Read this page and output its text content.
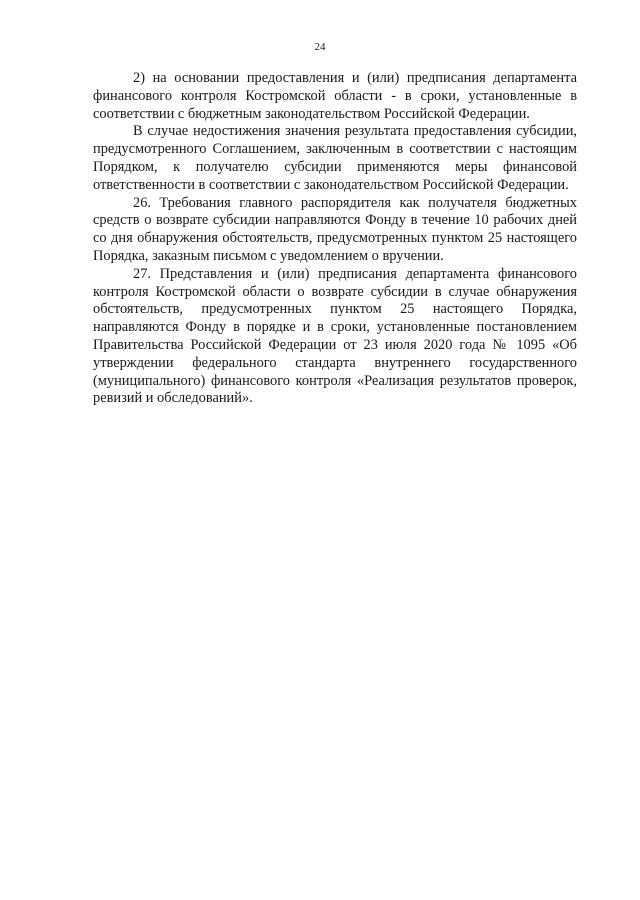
24

2) на основании предоставления и (или) предписания департамента финансового контроля Костромской области - в сроки, установленные в соответствии с бюджетным законодательством Российской Федерации.

В случае недостижения значения результата предоставления субсидии, предусмотренного Соглашением, заключенным в соответствии с настоящим Порядком, к получателю субсидии применяются меры финансовой ответственности в соответствии с законодательством Российской Федерации.

26. Требования главного распорядителя как получателя бюджетных средств о возврате субсидии направляются Фонду в течение 10 рабочих дней со дня обнаружения обстоятельств, предусмотренных пунктом 25 настоящего Порядка, заказным письмом с уведомлением о вручении.

27. Представления и (или) предписания департамента финансового контроля Костромской области о возврате субсидии в случае обнаружения обстоятельств, предусмотренных пунктом 25 настоящего Порядка, направляются Фонду в порядке и в сроки, установленные постановлением Правительства Российской Федерации от 23 июля 2020 года № 1095 «Об утверждении федерального стандарта внутреннего государственного (муниципального) финансового контроля «Реализация результатов проверок, ревизий и обследований».
